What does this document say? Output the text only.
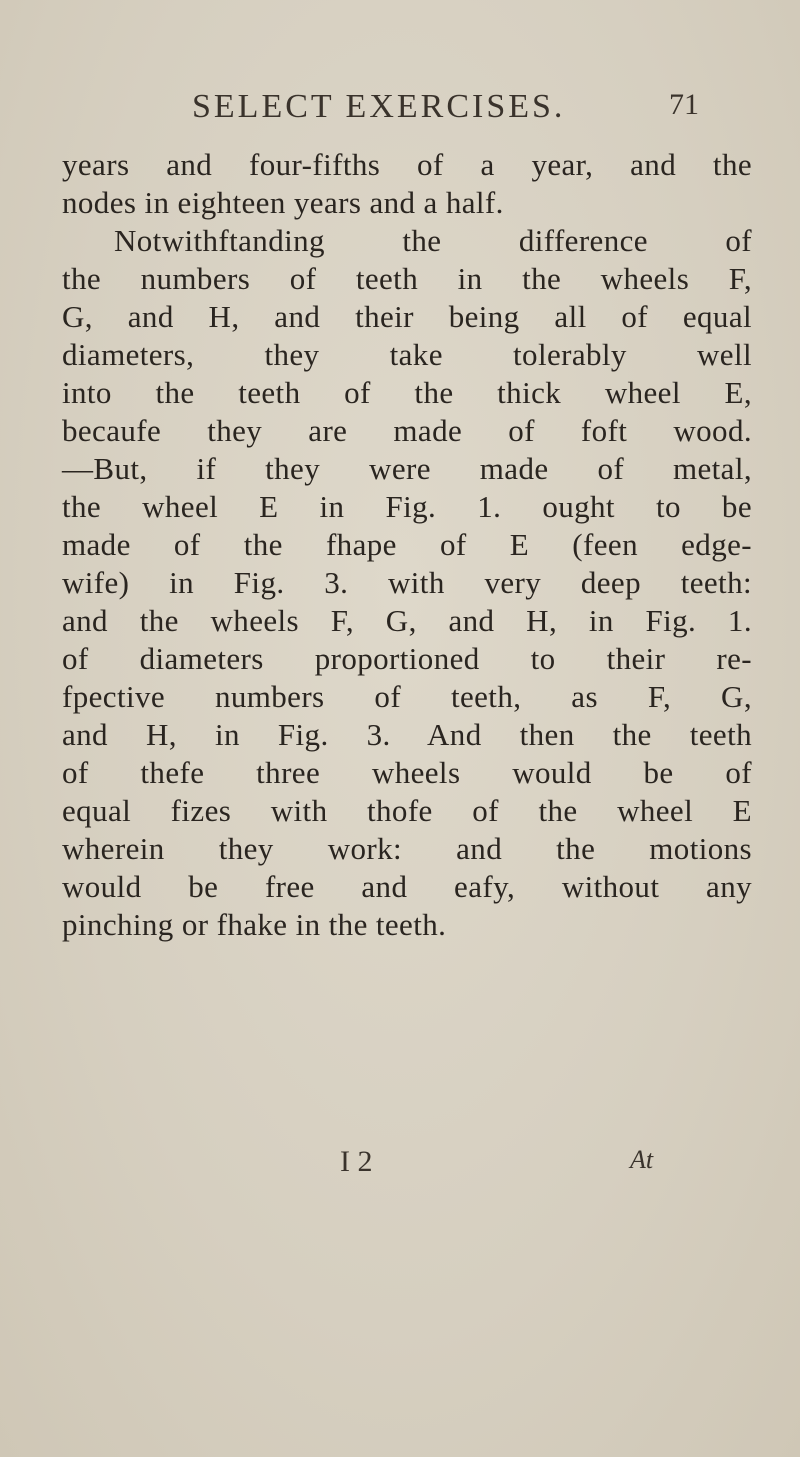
SELECT EXERCISES.	71
years and four-fifths of a year, and the
nodes in eighteen years and a half.
Notwithftanding the difference of
the numbers of teeth in the wheels F,
G, and H, and their being all of equal
diameters, they take tolerably well
into the teeth of the thick wheel E,
becaufe they are made of foft wood.
—But, if they were made of metal,
the wheel E in Fig. 1. ought to be
made of the fhape of E (feen edge-
wife) in Fig. 3. with very deep teeth:
and the wheels F, G, and H, in Fig. 1.
of diameters proportioned to their re-
fpective numbers of teeth, as F, G,
and H, in Fig. 3. And then the teeth
of thefe three wheels would be of
equal fizes with thofe of the wheel E
wherein they work: and the motions
would be free and eafy, without any
pinching or fhake in the teeth.
I 2	At
